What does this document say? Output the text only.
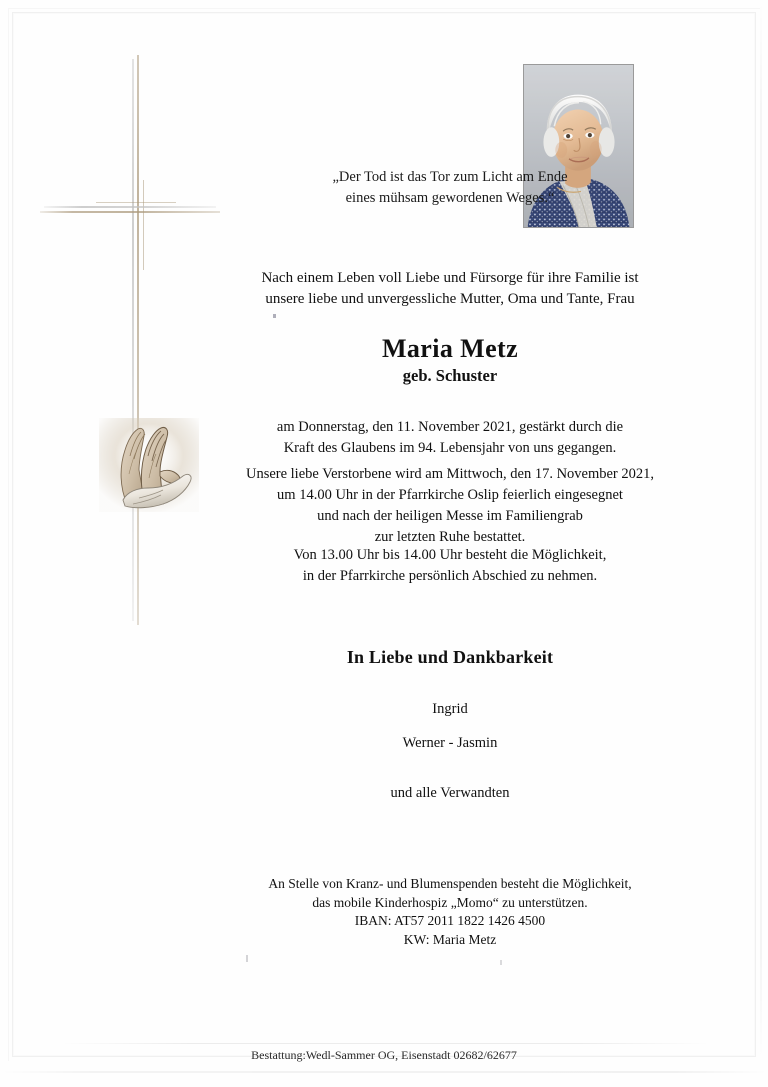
„Der Tod ist das Tor zum Licht am Ende
eines mühsam gewordenen Weges.“
Nach einem Leben voll Liebe und Fürsorge für ihre Familie ist
unsere liebe und unvergessliche Mutter, Oma und Tante, Frau
Maria Metz
geb. Schuster
am Donnerstag, den 11. November 2021, gestärkt durch die
Kraft des Glaubens im 94. Lebensjahr von uns gegangen.
Unsere liebe Verstorbene wird am Mittwoch, den 17. November 2021,
um 14.00 Uhr in der Pfarrkirche Oslip feierlich eingesegnet
und nach der heiligen Messe im Familiengrab
zur letzten Ruhe bestattet.
Von 13.00 Uhr bis 14.00 Uhr besteht die Möglichkeit,
in der Pfarrkirche persönlich Abschied zu nehmen.
In Liebe und Dankbarkeit
Ingrid
Werner - Jasmin
und alle Verwandten
An Stelle von Kranz- und Blumenspenden besteht die Möglichkeit,
das mobile Kinderhospiz „Momo“ zu unterstützen.
IBAN: AT57 2011 1822 1426 4500
KW: Maria Metz
Bestattung:Wedl-Sammer OG, Eisenstadt 02682/62677
